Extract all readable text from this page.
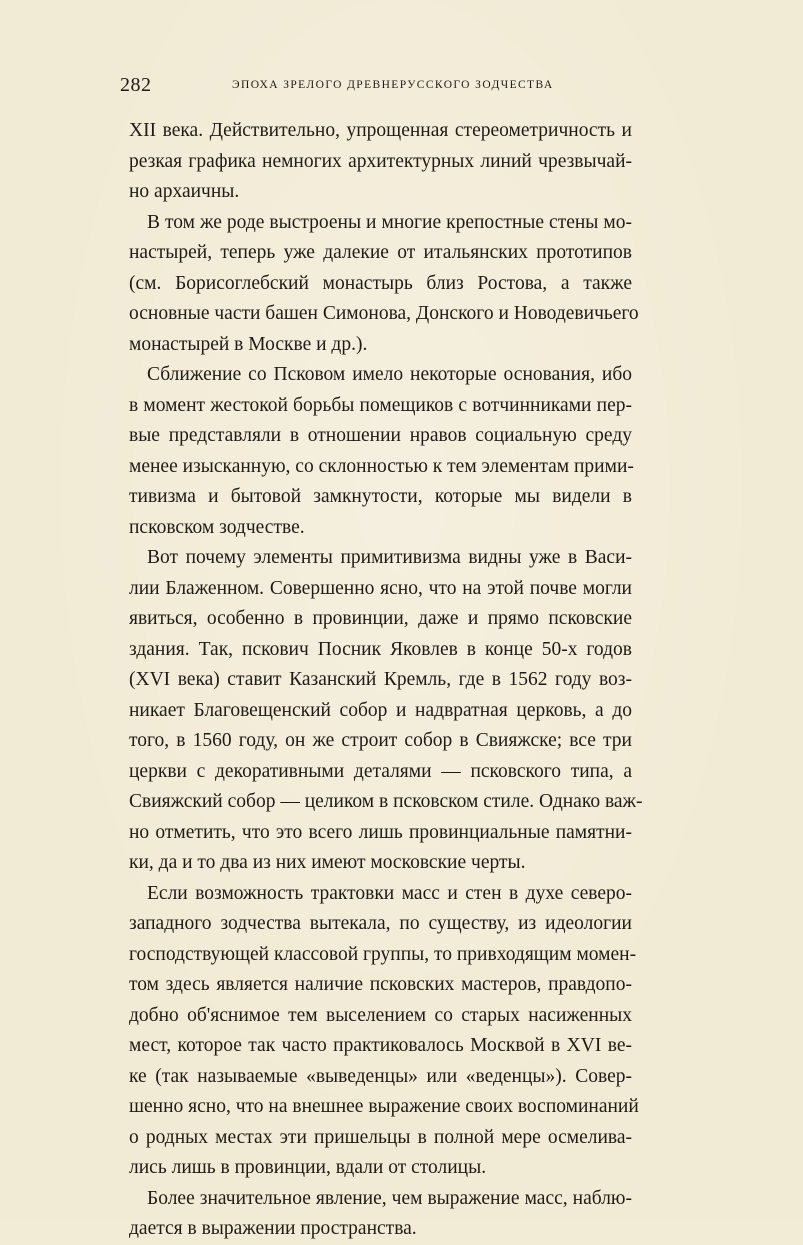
282	ЭПОХА ЗРЕЛОГО ДРЕВНЕРУССКОГО ЗОДЧЕСТВА
XII века. Действительно, упрощенная стереометричность и
резкая графика немногих архитектурных линий чрезвычай-
но архаичны.
В том же роде выстроены и многие крепостные стены мо-
настырей, теперь уже далекие от итальянских прототипов
(см. Борисоглебский монастырь близ Ростова, а также
основные части башен Симонова, Донского и Новодевичьего
монастырей в Москве и др.).
Сближение со Псковом имело некоторые основания, ибо
в момент жестокой борьбы помещиков с вотчинниками пер-
вые представляли в отношении нравов социальную среду
менее изысканную, со склонностью к тем элементам прими-
тивизма и бытовой замкнутости, которые мы видели в
псковском зодчестве.
Вот почему элементы примитивизма видны уже в Васи-
лии Блаженном. Совершенно ясно, что на этой почве могли
явиться, особенно в провинции, даже и прямо псковские
здания. Так, пскович Посник Яковлев в конце 50-х годов
(XVI века) ставит Казанский Кремль, где в 1562 году воз-
никает Благовещенский собор и надвратная церковь, а до
того, в 1560 году, он же строит собор в Свияжске; все три
церкви с декоративными деталями — псковского типа, а
Свияжский собор — целиком в псковском стиле. Однако важ-
но отметить, что это всего лишь провинциальные памятни-
ки, да и то два из них имеют московские черты.
Если возможность трактовки масс и стен в духе северо-
западного зодчества вытекала, по существу, из идеологии
господствующей классовой группы, то привходящим момен-
том здесь является наличие псковских мастеров, правдопо-
добно об'яснимое тем выселением со старых насиженных
мест, которое так часто практиковалось Москвой в XVI ве-
ке (так называемые «выведенцы» или «веденцы»). Совер-
шенно ясно, что на внешнее выражение своих воспоминаний
о родных местах эти пришельцы в полной мере осмелива-
лись лишь в провинции, вдали от столицы.
Более значительное явление, чем выражение масс, наблю-
дается в выражении пространства.
